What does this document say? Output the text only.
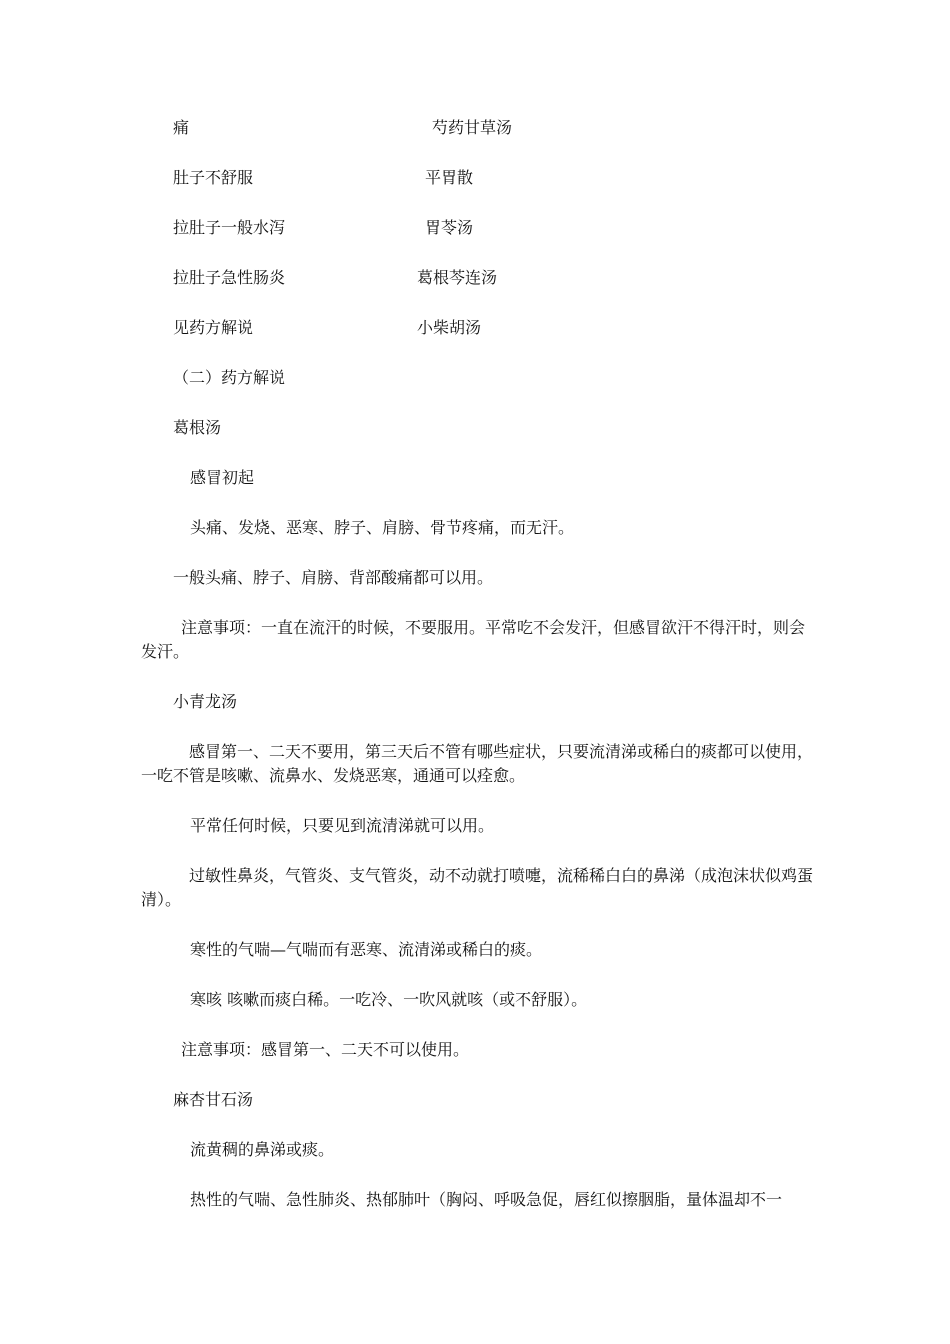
痛	芍药甘草汤
肚子不舒服	平胃散
拉肚子一般水泻	胃苓汤
拉肚子急性肠炎	葛根芩连汤
见药方解说	小柴胡汤
（二）药方解说
葛根汤
感冒初起
头痛、发烧、恶寒、脖子、肩膀、骨节疼痛，而无汗。
一般头痛、脖子、肩膀、背部酸痛都可以用。
注意事项：一直在流汗的时候，不要服用。平常吃不会发汗，但感冒欲汗不得汗时，则会发汗。
小青龙汤
感冒第一、二天不要用，第三天后不管有哪些症状，只要流清涕或稀白的痰都可以使用，一吃不管是咳嗽、流鼻水、发烧恶寒，通通可以痊愈。
平常任何时候，只要见到流清涕就可以用。
过敏性鼻炎，气管炎、支气管炎，动不动就打喷嚏，流稀稀白白的鼻涕（成泡沫状似鸡蛋清）。
寒性的气喘—气喘而有恶寒、流清涕或稀白的痰。
寒咳 咳嗽而痰白稀。一吃冷、一吹风就咳（或不舒服）。
注意事项：感冒第一、二天不可以使用。
麻杏甘石汤
流黄稠的鼻涕或痰。
热性的气喘、急性肺炎、热郁肺叶（胸闷、呼吸急促，唇红似擦胭脂，量体温却不一
